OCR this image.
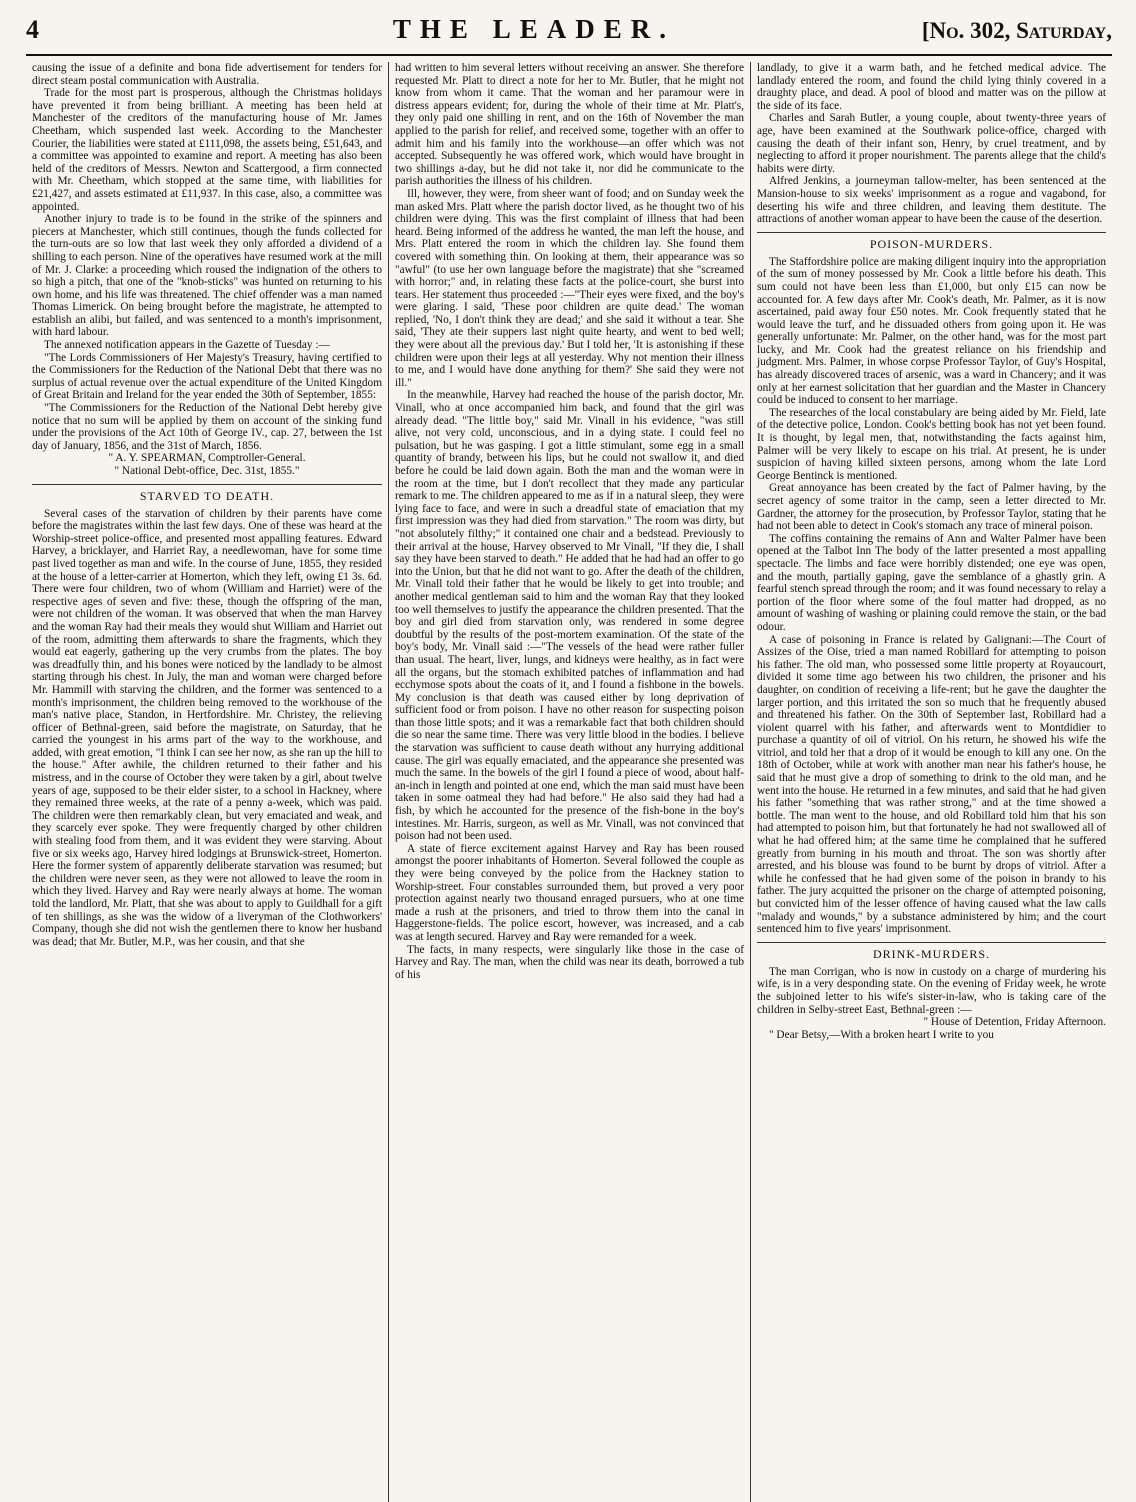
4	THE LEADER.	[No. 302, Saturday,

causing the issue of a definite and bona fide advertisement for tenders for direct steam postal communication with Australia.

Trade for the most part is prosperous, although the Christmas holidays have prevented it from being brilliant. A meeting has been held at Manchester of the creditors of the manufacturing house of Mr. James Cheetham, which suspended last week. According to the Manchester Courier, the liabilities were stated at £111,098, the assets being, £51,643, and a committee was appointed to examine and report. A meeting has also been held of the creditors of Messrs. Newton and Scattergood, a firm connected with Mr. Cheetham, which stopped at the same time, with liabilities for £21,427, and assets estimated at £11,937. In this case, also, a committee was appointed.

Another injury to trade is to be found in the strike of the spinners and piecers at Manchester, which still continues, though the funds collected for the turn-outs are so low that last week they only afforded a dividend of a shilling to each person. Nine of the operatives have resumed work at the mill of Mr. J. Clarke: a proceeding which roused the indignation of the others to so high a pitch, that one of the "knob-sticks" was hunted on returning to his own home, and his life was threatened. The chief offender was a man named Thomas Limerick. On being brought before the magistrate, he attempted to establish an alibi, but failed, and was sentenced to a month's imprisonment, with hard labour.

The annexed notification appears in the Gazette of Tuesday :—

"The Lords Commissioners of Her Majesty's Treasury, having certified to the Commissioners for the Reduction of the National Debt that there was no surplus of actual revenue over the actual expenditure of the United Kingdom of Great Britain and Ireland for the year ended the 30th of September, 1855:

"The Commissioners for the Reduction of the National Debt hereby give notice that no sum will be applied by them on account of the sinking fund under the provisions of the Act 10th of George IV., cap. 27, between the 1st day of January, 1856, and the 31st of March, 1856.

" A. Y. SPEARMAN, Comptroller-General.
" National Debt-office, Dec. 31st, 1855."
STARVED TO DEATH.

Several cases of the starvation of children by their parents have come before the magistrates within the last few days. One of these was heard at the Worship-street police-office, and presented most appalling features. Edward Harvey, a bricklayer, and Harriet Ray, a needlewoman, have for some time past lived together as man and wife. In the course of June, 1855, they resided at the house of a letter-carrier at Homerton, which they left, owing £1 3s. 6d. There were four children, two of whom (William and Harriet) were of the respective ages of seven and five: these, though the offspring of the man, were not children of the woman. It was observed that when the man Harvey and the woman Ray had their meals they would shut William and Harriet out of the room, admitting them afterwards to share the fragments, which they would eat eagerly, gathering up the very crumbs from the plates. The boy was dreadfully thin, and his bones were noticed by the landlady to be almost starting through his chest. In July, the man and woman were charged before Mr. Hammill with starving the children, and the former was sentenced to a month's imprisonment, the children being removed to the workhouse of the man's native place, Standon, in Hertfordshire. Mr. Christey, the relieving officer of Bethnal-green, said before the magistrate, on Saturday, that he carried the youngest in his arms part of the way to the workhouse, and added, with great emotion, "I think I can see her now, as she ran up the hill to the house." After awhile, the children returned to their father and his mistress, and in the course of October they were taken by a girl, about twelve years of age, supposed to be their elder sister, to a school in Hackney, where they remained three weeks, at the rate of a penny a-week, which was paid. The children were then remarkably clean, but very emaciated and weak, and they scarcely ever spoke. They were frequently charged by other children with stealing food from them, and it was evident they were starving. About five or six weeks ago, Harvey hired lodgings at Brunswick-street, Homerton. Here the former system of apparently deliberate starvation was resumed; but the children were never seen, as they were not allowed to leave the room in which they lived. Harvey and Ray were nearly always at home. The woman told the landlord, Mr. Platt, that she was about to apply to Guildhall for a gift of ten shillings, as she was the widow of a liveryman of the Clothworkers' Company, though she did not wish the gentlemen there to know her husband was dead; that Mr. Butler, M.P., was her cousin, and that she

had written to him several letters without receiving an answer. She therefore requested Mr. Platt to direct a note for her to Mr. Butler, that he might not know from whom it came. That the woman and her paramour were in distress appears evident; for, during the whole of their time at Mr. Platt's, they only paid one shilling in rent, and on the 16th of November the man applied to the parish for relief, and received some, together with an offer to admit him and his family into the workhouse—an offer which was not accepted. Subsequently he was offered work, which would have brought in two shillings a-day, but he did not take it, nor did he communicate to the parish authorities the illness of his children.

Ill, however, they were, from sheer want of food; and on Sunday week the man asked Mrs. Platt where the parish doctor lived, as he thought two of his children were dying. This was the first complaint of illness that had been heard. Being informed of the address he wanted, the man left the house, and Mrs. Platt entered the room in which the children lay. She found them covered with something thin. On looking at them, their appearance was so "awful" (to use her own language before the magistrate) that she "screamed with horror;" and, in relating these facts at the police-court, she burst into tears. Her statement thus proceeded :—"Their eyes were fixed, and the boy's were glaring. I said, 'These poor children are quite dead.' The woman replied, 'No, I don't think they are dead;' and she said it without a tear. She said, 'They ate their suppers last night quite hearty, and went to bed well; they were about all the previous day.' But I told her, 'It is astonishing if these children were upon their legs at all yesterday. Why not mention their illness to me, and I would have done anything for them?' She said they were not ill."

In the meanwhile, Harvey had reached the house of the parish doctor, Mr. Vinall, who at once accompanied him back, and found that the girl was already dead. "The little boy," said Mr. Vinall in his evidence, "was still alive, not very cold, unconscious, and in a dying state. I could feel no pulsation, but he was gasping. I got a little stimulant, some egg in a small quantity of brandy, between his lips, but he could not swallow it, and died before he could be laid down again. Both the man and the woman were in the room at the time, but I don't recollect that they made any particular remark to me. The children appeared to me as if in a natural sleep, they were lying face to face, and were in such a dreadful state of emaciation that my first impression was they had died from starvation." The room was dirty, but "not absolutely filthy;" it contained one chair and a bedstead. Previously to their arrival at the house, Harvey observed to Mr Vinall, "If they die, I shall say they have been starved to death." He added that he had had an offer to go into the Union, but that he did not want to go. After the death of the children, Mr. Vinall told their father that he would be likely to get into trouble; and another medical gentleman said to him and the woman Ray that they looked too well themselves to justify the appearance the children presented. That the boy and girl died from starvation only, was rendered in some degree doubtful by the results of the post-mortem examination. Of the state of the boy's body, Mr. Vinall said :—"The vessels of the head were rather fuller than usual. The heart, liver, lungs, and kidneys were healthy, as in fact were all the organs, but the stomach exhibited patches of inflammation and had ecchymose spots about the coats of it, and I found a fishbone in the bowels. My conclusion is that death was caused either by long deprivation of sufficient food or from poison. I have no other reason for suspecting poison than those little spots; and it was a remarkable fact that both children should die so near the same time. There was very little blood in the bodies. I believe the starvation was sufficient to cause death without any hurrying additional cause. The girl was equally emaciated, and the appearance she presented was much the same. In the bowels of the girl I found a piece of wood, about half-an-inch in length and pointed at one end, which the man said must have been taken in some oatmeal they had had before." He also said they had had a fish, by which he accounted for the presence of the fish-bone in the boy's intestines. Mr. Harris, surgeon, as well as Mr. Vinall, was not convinced that poison had not been used.

A state of fierce excitement against Harvey and Ray has been roused amongst the poorer inhabitants of Homerton. Several followed the couple as they were being conveyed by the police from the Hackney station to Worship-street. Four constables surrounded them, but proved a very poor protection against nearly two thousand enraged pursuers, who at one time made a rush at the prisoners, and tried to throw them into the canal in Haggerstone-fields. The police escort, however, was increased, and a cab was at length secured. Harvey and Ray were remanded for a week.

The facts, in many respects, were singularly like those in the case of Harvey and Ray. The man, when the child was near its death, borrowed a tub of his

landlady, to give it a warm bath, and he fetched medical advice. The landlady entered the room, and found the child lying thinly covered in a draughty place, and dead. A pool of blood and matter was on the pillow at the side of its face.

Charles and Sarah Butler, a young couple, about twenty-three years of age, have been examined at the Southwark police-office, charged with causing the death of their infant son, Henry, by cruel treatment, and by neglecting to afford it proper nourishment. The parents allege that the child's habits were dirty.

Alfred Jenkins, a journeyman tallow-melter, has been sentenced at the Mansion-house to six weeks' imprisonment as a rogue and vagabond, for deserting his wife and three children, and leaving them destitute. The attractions of another woman appear to have been the cause of the desertion.

POISON-MURDERS.

The Staffordshire police are making diligent inquiry into the appropriation of the sum of money possessed by Mr. Cook a little before his death. This sum could not have been less than £1,000, but only £15 can now be accounted for. A few days after Mr. Cook's death, Mr. Palmer, as it is now ascertained, paid away four £50 notes. Mr. Cook frequently stated that he would leave the turf, and he dissuaded others from going upon it. He was generally unfortunate: Mr. Palmer, on the other hand, was for the most part lucky, and Mr. Cook had the greatest reliance on his friendship and judgment. Mrs. Palmer, in whose corpse Professor Taylor, of Guy's Hospital, has already discovered traces of arsenic, was a ward in Chancery; and it was only at her earnest solicitation that her guardian and the Master in Chancery could be induced to consent to her marriage.

The researches of the local constabulary are being aided by Mr. Field, late of the detective police, London. Cook's betting book has not yet been found. It is thought, by legal men, that, notwithstanding the facts against him, Palmer will be very likely to escape on his trial. At present, he is under suspicion of having killed sixteen persons, among whom the late Lord George Bentinck is mentioned.

Great annoyance has been created by the fact of Palmer having, by the secret agency of some traitor in the camp, seen a letter directed to Mr. Gardner, the attorney for the prosecution, by Professor Taylor, stating that he had not been able to detect in Cook's stomach any trace of mineral poison.

The coffins containing the remains of Ann and Walter Palmer have been opened at the Talbot Inn The body of the latter presented a most appalling spectacle. The limbs and face were horribly distended; one eye was open, and the mouth, partially gaping, gave the semblance of a ghastly grin. A fearful stench spread through the room; and it was found necessary to relay a portion of the floor where some of the foul matter had dropped, as no amount of washing of washing or plaining could remove the stain, or the bad odour.

A case of poisoning in France is related by Galignani:—The Court of Assizes of the Oise, tried a man named Robillard for attempting to poison his father. The old man, who possessed some little property at Royaucourt, divided it some time ago between his two children, the prisoner and his daughter, on condition of receiving a life-rent; but he gave the daughter the larger portion, and this irritated the son so much that he frequently abused and threatened his father. On the 30th of September last, Robillard had a violent quarrel with his father, and afterwards went to Montdidier to purchase a quantity of oil of vitriol. On his return, he showed his wife the vitriol, and told her that a drop of it would be enough to kill any one. On the 18th of October, while at work with another man near his father's house, he said that he must give a drop of something to drink to the old man, and he went into the house. He returned in a few minutes, and said that he had given his father "something that was rather strong," and at the time showed a bottle. The man went to the house, and old Robillard told him that his son had attempted to poison him, but that fortunately he had not swallowed all of what he had offered him; at the same time he complained that he suffered greatly from burning in his mouth and throat. The son was shortly after arrested, and his blouse was found to be burnt by drops of vitriol. After a while he confessed that he had given some of the poison in brandy to his father. The jury acquitted the prisoner on the charge of attempted poisoning, but convicted him of the lesser offence of having caused what the law calls "malady and wounds," by a substance administered by him; and the court sentenced him to five years' imprisonment.

DRINK-MURDERS.

The man Corrigan, who is now in custody on a charge of murdering his wife, is in a very desponding state. On the evening of Friday week, he wrote the subjoined letter to his wife's sister-in-law, who is taking care of the children in Selby-street East, Bethnal-green :—

" House of Detention, Friday Afternoon.

" Dear Betsy,—With a broken heart I write to you
